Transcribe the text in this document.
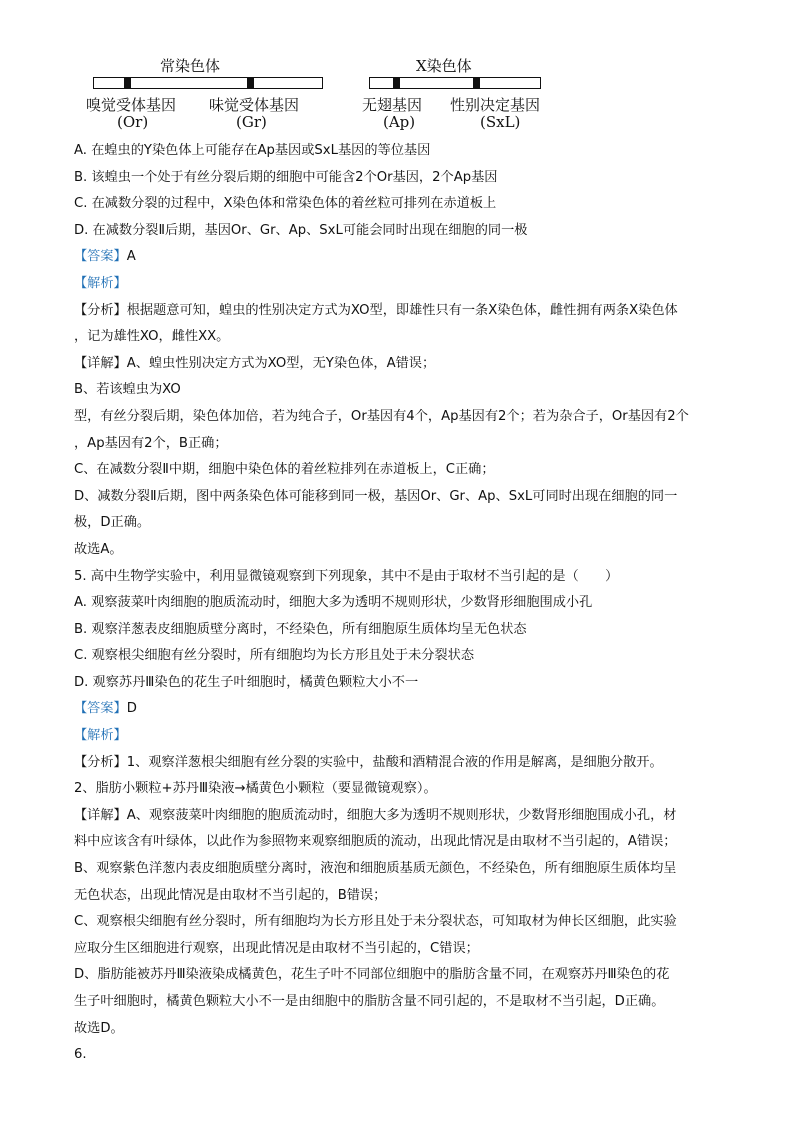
常染色体
嗅觉受体基因
(Or)
味觉受体基因
(Gr)
X染色体
无翅基因
(Ap)
性别决定基因
(SxL)
A. 在蝗虫的Y染色体上可能存在Ap基因或SxL基因的等位基因
B. 该蝗虫一个处于有丝分裂后期的细胞中可能含2个Or基因，2个Ap基因
C. 在减数分裂的过程中，X染色体和常染色体的着丝粒可排列在赤道板上
D. 在减数分裂Ⅱ后期，基因Or、Gr、Ap、SxL可能会同时出现在细胞的同一极
【答案】A
【解析】
【分析】根据题意可知，蝗虫的性别决定方式为XO型，即雄性只有一条X染色体，雌性拥有两条X染色体
，记为雄性XO，雌性XX。
【详解】A、蝗虫性别决定方式为XO型，无Y染色体，A错误；
B、若该蝗虫为XO
型，有丝分裂后期，染色体加倍，若为纯合子，Or基因有4个，Ap基因有2个；若为杂合子，Or基因有2个
，Ap基因有2个，B正确；
C、在减数分裂Ⅱ中期，细胞中染色体的着丝粒排列在赤道板上，C正确；
D、减数分裂Ⅱ后期，图中两条染色体可能移到同一极，基因Or、Gr、Ap、SxL可同时出现在细胞的同一
极，D正确。
故选A。
5. 高中生物学实验中，利用显微镜观察到下列现象，其中不是由于取材不当引起的是（　　）
A. 观察菠菜叶肉细胞的胞质流动时，细胞大多为透明不规则形状，少数肾形细胞围成小孔
B. 观察洋葱表皮细胞质壁分离时，不经染色，所有细胞原生质体均呈无色状态
C. 观察根尖细胞有丝分裂时，所有细胞均为长方形且处于未分裂状态
D. 观察苏丹Ⅲ染色的花生子叶细胞时，橘黄色颗粒大小不一
【答案】D
【解析】
【分析】1、观察洋葱根尖细胞有丝分裂的实验中，盐酸和酒精混合液的作用是解离，是细胞分散开。
2、脂肪小颗粒+苏丹Ⅲ染液→橘黄色小颗粒（要显微镜观察）。
【详解】A、观察菠菜叶肉细胞的胞质流动时，细胞大多为透明不规则形状，少数肾形细胞围成小孔，材
料中应该含有叶绿体，以此作为参照物来观察细胞质的流动，出现此情况是由取材不当引起的，A错误；
B、观察紫色洋葱内表皮细胞质壁分离时，液泡和细胞质基质无颜色，不经染色，所有细胞原生质体均呈
无色状态，出现此情况是由取材不当引起的，B错误；
C、观察根尖细胞有丝分裂时，所有细胞均为长方形且处于未分裂状态，可知取材为伸长区细胞，此实验
应取分生区细胞进行观察，出现此情况是由取材不当引起的，C错误；
D、脂肪能被苏丹Ⅲ染液染成橘黄色，花生子叶不同部位细胞中的脂肪含量不同，在观察苏丹Ⅲ染色的花
生子叶细胞时，橘黄色颗粒大小不一是由细胞中的脂肪含量不同引起的，不是取材不当引起，D正确。
故选D。
6.
